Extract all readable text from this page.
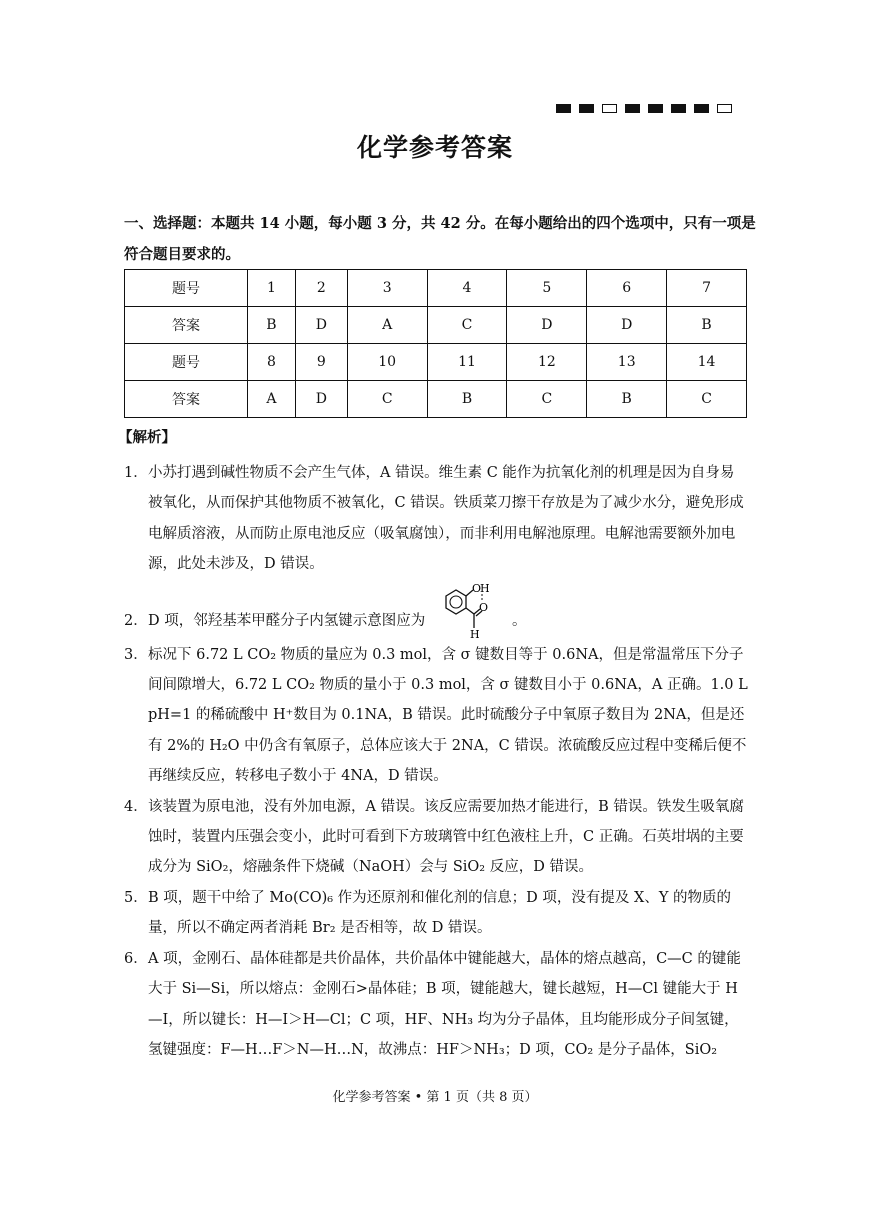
化学参考答案
一、选择题：本题共 14 小题，每小题 3 分，共 42 分。在每小题给出的四个选项中，只有一项是符合题目要求的。
题号	1	2	3	4	5	6	7
答案	B	D	A	C	D	D	B
题号	8	9	10	11	12	13	14
答案	A	D	C	B	C	B	C
【解析】
1． 小苏打遇到碱性物质不会产生气体，A 错误。维生素 C 能作为抗氧化剂的机理是因为自身易被氧化，从而保护其他物质不被氧化，C 错误。铁质菜刀擦干存放是为了减少水分，避免形成电解质溶液，从而防止原电池反应（吸氧腐蚀），而非利用电解池原理。电解池需要额外加电源，此处未涉及，D 错误。
2． D 项，邻羟基苯甲醛分子内氢键示意图应为
O
H
O
H
。
3． 标况下 6.72 L CO₂ 物质的量应为 0.3 mol，含 σ 键数目等于 0.6NA，但是常温常压下分子间间隙增大，6.72 L CO₂ 物质的量小于 0.3 mol，含 σ 键数目小于 0.6NA，A 正确。1.0 L pH=1 的稀硫酸中 H⁺数目为 0.1NA，B 错误。此时硫酸分子中氧原子数目为 2NA，但是还有 2%的 H₂O 中仍含有氧原子，总体应该大于 2NA，C 错误。浓硫酸反应过程中变稀后便不再继续反应，转移电子数小于 4NA，D 错误。
4． 该装置为原电池，没有外加电源，A 错误。该反应需要加热才能进行，B 错误。铁发生吸氧腐蚀时，装置内压强会变小，此时可看到下方玻璃管中红色液柱上升，C 正确。石英坩埚的主要成分为 SiO₂，熔融条件下烧碱（NaOH）会与 SiO₂ 反应，D 错误。
5． B 项，题干中给了 Mo(CO)₆ 作为还原剂和催化剂的信息；D 项，没有提及 X、Y 的物质的量，所以不确定两者消耗 Br₂ 是否相等，故 D 错误。
6． A 项，金刚石、晶体硅都是共价晶体，共价晶体中键能越大，晶体的熔点越高，C—C 的键能大于 Si—Si，所以熔点：金刚石>晶体硅；B 项，键能越大，键长越短，H—Cl 键能大于 H—I，所以键长：H—I＞H—Cl；C 项，HF、NH₃ 均为分子晶体，且均能形成分子间氢键，氢键强度：F—H…F＞N—H…N，故沸点：HF＞NH₃；D 项，CO₂ 是分子晶体，SiO₂
化学参考答案 • 第 1 页（共 8 页）
